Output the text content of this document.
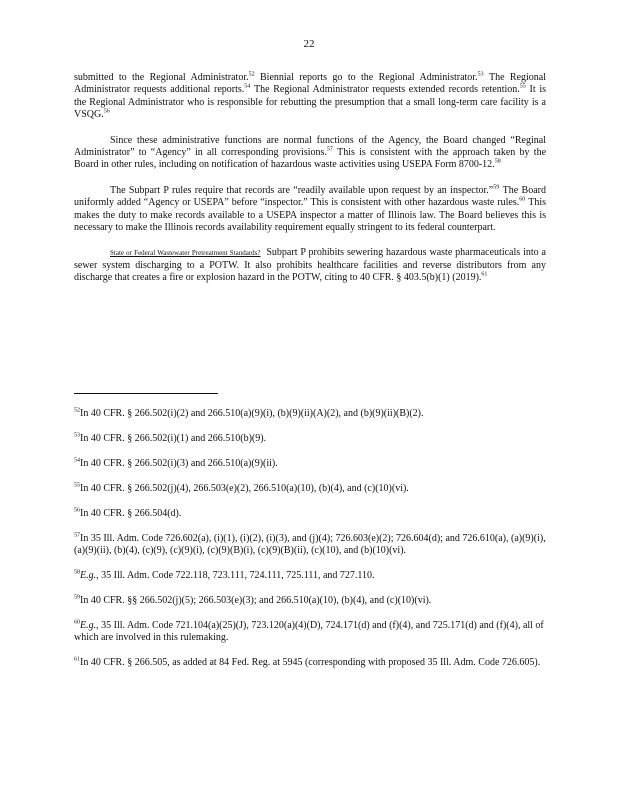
22

submitted to the Regional Administrator.$^{52}$ Biennial reports go to the Regional Administrator.$^{53}$ The Regional Administrator requests additional reports.$^{54}$ The Regional Administrator requests extended records retention.$^{55}$ It is the Regional Administrator who is responsible for rebutting the presumption that a small long-term care facility is a VSQG.$^{56}$

Since these administrative functions are normal functions of the Agency, the Board changed “Reginal Administrator” to “Agency” in all corresponding provisions.$^{57}$ This is consistent with the approach taken by the Board in other rules, including on notification of hazardous waste activities using USEPA Form 8700-12.58

The Subpart P rules require that records are “readily available upon request by an inspector.”$^{59}$ The Board uniformly added “Agency or USEPA” before “inspector.” This is consistent with other hazardous waste rules.$^{60}$ This makes the duty to make records available to a USEPA inspector a matter of Illinois law. The Board believes this is necessary to make the Illinois records availability requirement equally stringent to its federal counterpart.

State or Federal Wastewater Pretreatment Standards? Subpart P prohibits sewering hazardous waste pharmaceuticals into a sewer system discharging to a POTW. It also prohibits healthcare facilities and reverse distributors from any discharge that creates a fire or explosion hazard in the POTW, citing to 40 CFR. § 403.5(b)(1) (2019).$^{61}$

$^{52}$In 40 CFR. § 266.502(i)(2) and 266.510(a)(9)(i), (b)(9)(ii)(A)(2), and (b)(9)(ii)(B)(2).

$^{53}$In 40 CFR. § 266.502(i)(1) and 266.510(b)(9).

$^{54}$In 40 CFR. § 266.502(i)(3) and 266.510(a)(9)(ii).

$^{55}$In 40 CFR. § 266.502(j)(4), 266.503(e)(2), 266.510(a)(10), (b)(4), and (c)(10)(vi).

$^{56}$In 40 CFR. § 266.504(d).

$^{57}$In 35 Ill. Adm. Code 726.602(a), (i)(1), (i)(2), (i)(3), and (j)(4); 726.603(e)(2); 726.604(d); and 726.610(a), (a)(9)(i), (a)(9)(ii), (b)(4), (c)(9), (c)(9)(i), (c)(9)(B)(i), (c)(9)(B)(ii), (c)(10), and (b)(10)(vi).

$^{58}$E.g., 35 Ill. Adm. Code 722.118, 723.111, 724.111, 725.111, and 727.110.

$^{59}$In 40 CFR. §§ 266.502(j)(5); 266.503(e)(3); and 266.510(a)(10), (b)(4), and (c)(10)(vi).

$^{60}$E.g., 35 Ill. Adm. Code 721.104(a)(25)(J), 723.120(a)(4)(D), 724.171(d) and (f)(4), and 725.171(d) and (f)(4), all of which are involved in this rulemaking.

$^{61}$In 40 CFR. § 266.505, as added at 84 Fed. Reg. at 5945 (corresponding with proposed 35 Ill. Adm. Code 726.605).
